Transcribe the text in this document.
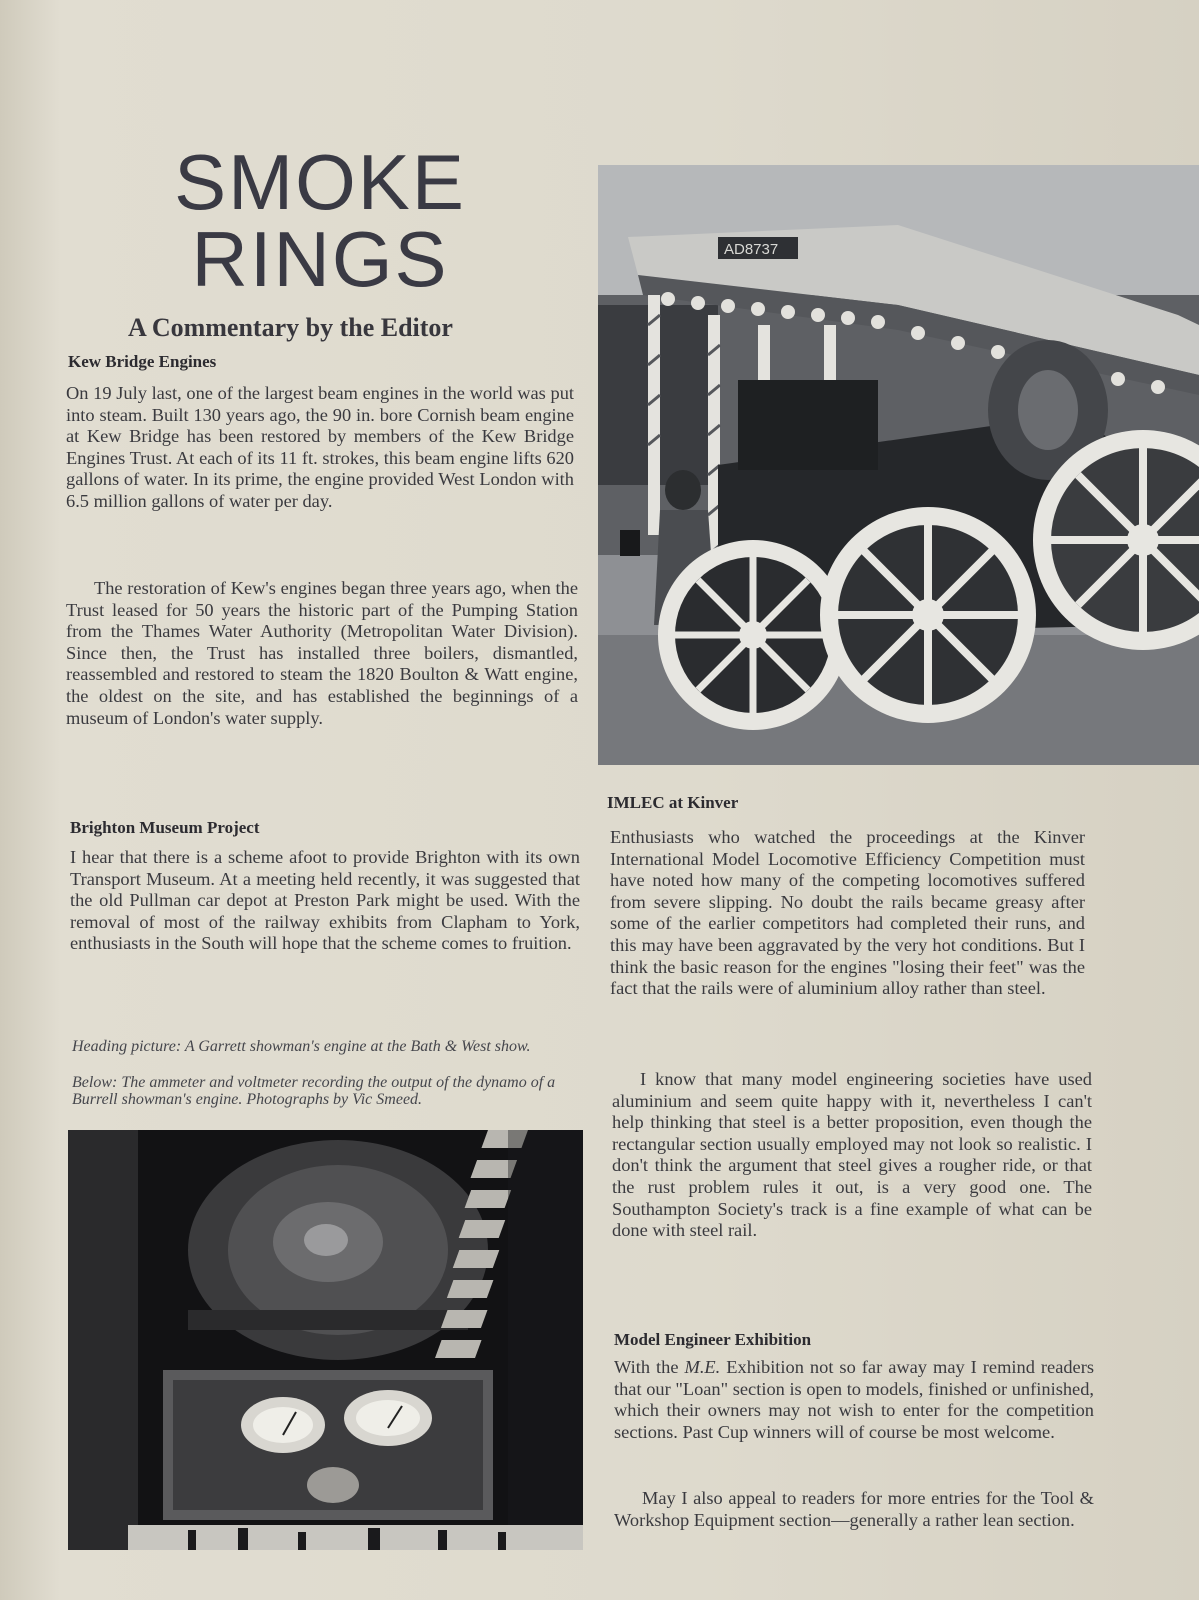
SMOKE
RINGS
A Commentary by the Editor
Kew Bridge Engines

On 19 July last, one of the largest beam engines in the world was put into steam. Built 130 years ago, the 90 in. bore Cornish beam engine at Kew Bridge has been restored by members of the Kew Bridge Engines Trust. At each of its 11 ft. strokes, this beam engine lifts 620 gallons of water. In its prime, the engine provided West London with 6.5 million gallons of water per day.

The restoration of Kew's engines began three years ago, when the Trust leased for 50 years the historic part of the Pumping Station from the Thames Water Authority (Metropolitan Water Division). Since then, the Trust has installed three boilers, dismantled, reassembled and restored to steam the 1820 Boulton & Watt engine, the oldest on the site, and has established the beginnings of a museum of London's water supply.

Brighton Museum Project

I hear that there is a scheme afoot to provide Brighton with its own Transport Museum. At a meeting held recently, it was suggested that the old Pullman car depot at Preston Park might be used. With the removal of most of the railway exhibits from Clapham to York, enthusiasts in the South will hope that the scheme comes to fruition.

Heading picture: A Garrett showman's engine at the Bath & West show.

Below: The ammeter and voltmeter recording the output of the dynamo of a Burrell showman's engine. Photographs by Vic Smeed.

AD8737
IMLEC at Kinver

Enthusiasts who watched the proceedings at the Kinver International Model Locomotive Efficiency Competition must have noted how many of the competing locomotives suffered from severe slipping. No doubt the rails became greasy after some of the earlier competitors had completed their runs, and this may have been aggravated by the very hot conditions. But I think the basic reason for the engines "losing their feet" was the fact that the rails were of aluminium alloy rather than steel.

I know that many model engineering societies have used aluminium and seem quite happy with it, nevertheless I can't help thinking that steel is a better proposition, even though the rectangular section usually employed may not look so realistic. I don't think the argument that steel gives a rougher ride, or that the rust problem rules it out, is a very good one. The Southampton Society's track is a fine example of what can be done with steel rail.

Model Engineer Exhibition

With the M.E. Exhibition not so far away may I remind readers that our "Loan" section is open to models, finished or unfinished, which their owners may not wish to enter for the competition sections. Past Cup winners will of course be most welcome.

May I also appeal to readers for more entries for the Tool & Workshop Equipment section—generally a rather lean section.
